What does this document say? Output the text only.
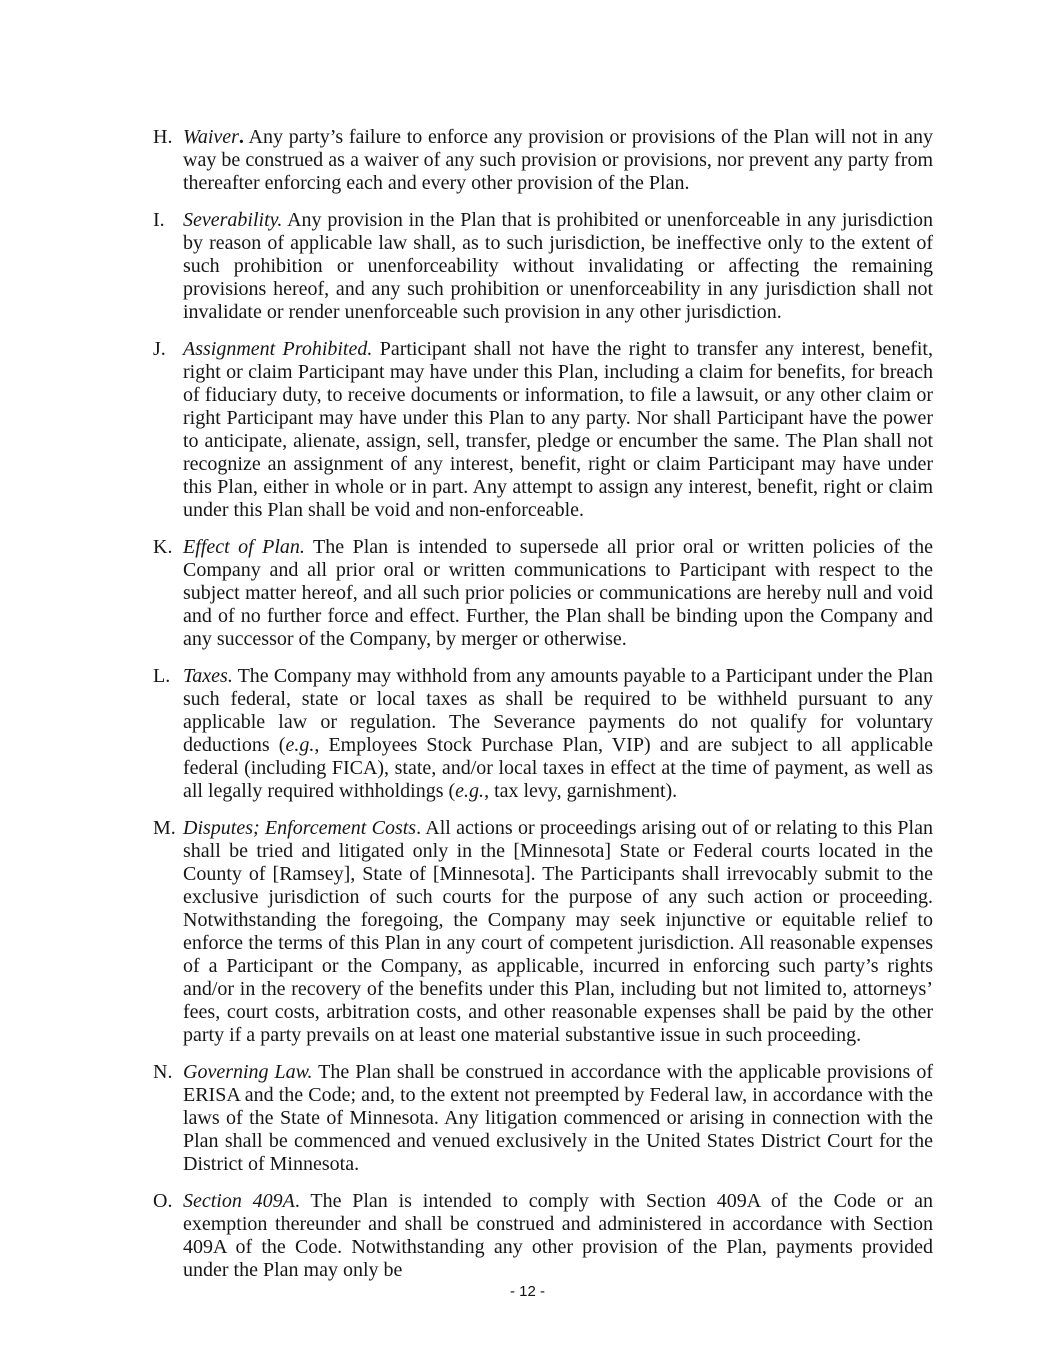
H. Waiver. Any party’s failure to enforce any provision or provisions of the Plan will not in any way be construed as a waiver of any such provision or provisions, nor prevent any party from thereafter enforcing each and every other provision of the Plan.
I. Severability. Any provision in the Plan that is prohibited or unenforceable in any jurisdiction by reason of applicable law shall, as to such jurisdiction, be ineffective only to the extent of such prohibition or unenforceability without invalidating or affecting the remaining provisions hereof, and any such prohibition or unenforceability in any jurisdiction shall not invalidate or render unenforceable such provision in any other jurisdiction.
J. Assignment Prohibited. Participant shall not have the right to transfer any interest, benefit, right or claim Participant may have under this Plan, including a claim for benefits, for breach of fiduciary duty, to receive documents or information, to file a lawsuit, or any other claim or right Participant may have under this Plan to any party. Nor shall Participant have the power to anticipate, alienate, assign, sell, transfer, pledge or encumber the same. The Plan shall not recognize an assignment of any interest, benefit, right or claim Participant may have under this Plan, either in whole or in part. Any attempt to assign any interest, benefit, right or claim under this Plan shall be void and non-enforceable.
K. Effect of Plan. The Plan is intended to supersede all prior oral or written policies of the Company and all prior oral or written communications to Participant with respect to the subject matter hereof, and all such prior policies or communications are hereby null and void and of no further force and effect. Further, the Plan shall be binding upon the Company and any successor of the Company, by merger or otherwise.
L. Taxes. The Company may withhold from any amounts payable to a Participant under the Plan such federal, state or local taxes as shall be required to be withheld pursuant to any applicable law or regulation. The Severance payments do not qualify for voluntary deductions (e.g., Employees Stock Purchase Plan, VIP) and are subject to all applicable federal (including FICA), state, and/or local taxes in effect at the time of payment, as well as all legally required withholdings (e.g., tax levy, garnishment).
M. Disputes; Enforcement Costs. All actions or proceedings arising out of or relating to this Plan shall be tried and litigated only in the [Minnesota] State or Federal courts located in the County of [Ramsey], State of [Minnesota]. The Participants shall irrevocably submit to the exclusive jurisdiction of such courts for the purpose of any such action or proceeding. Notwithstanding the foregoing, the Company may seek injunctive or equitable relief to enforce the terms of this Plan in any court of competent jurisdiction. All reasonable expenses of a Participant or the Company, as applicable, incurred in enforcing such party’s rights and/or in the recovery of the benefits under this Plan, including but not limited to, attorneys’ fees, court costs, arbitration costs, and other reasonable expenses shall be paid by the other party if a party prevails on at least one material substantive issue in such proceeding.
N. Governing Law. The Plan shall be construed in accordance with the applicable provisions of ERISA and the Code; and, to the extent not preempted by Federal law, in accordance with the laws of the State of Minnesota. Any litigation commenced or arising in connection with the Plan shall be commenced and venued exclusively in the United States District Court for the District of Minnesota.
O. Section 409A. The Plan is intended to comply with Section 409A of the Code or an exemption thereunder and shall be construed and administered in accordance with Section 409A of the Code. Notwithstanding any other provision of the Plan, payments provided under the Plan may only be
- 12 -
